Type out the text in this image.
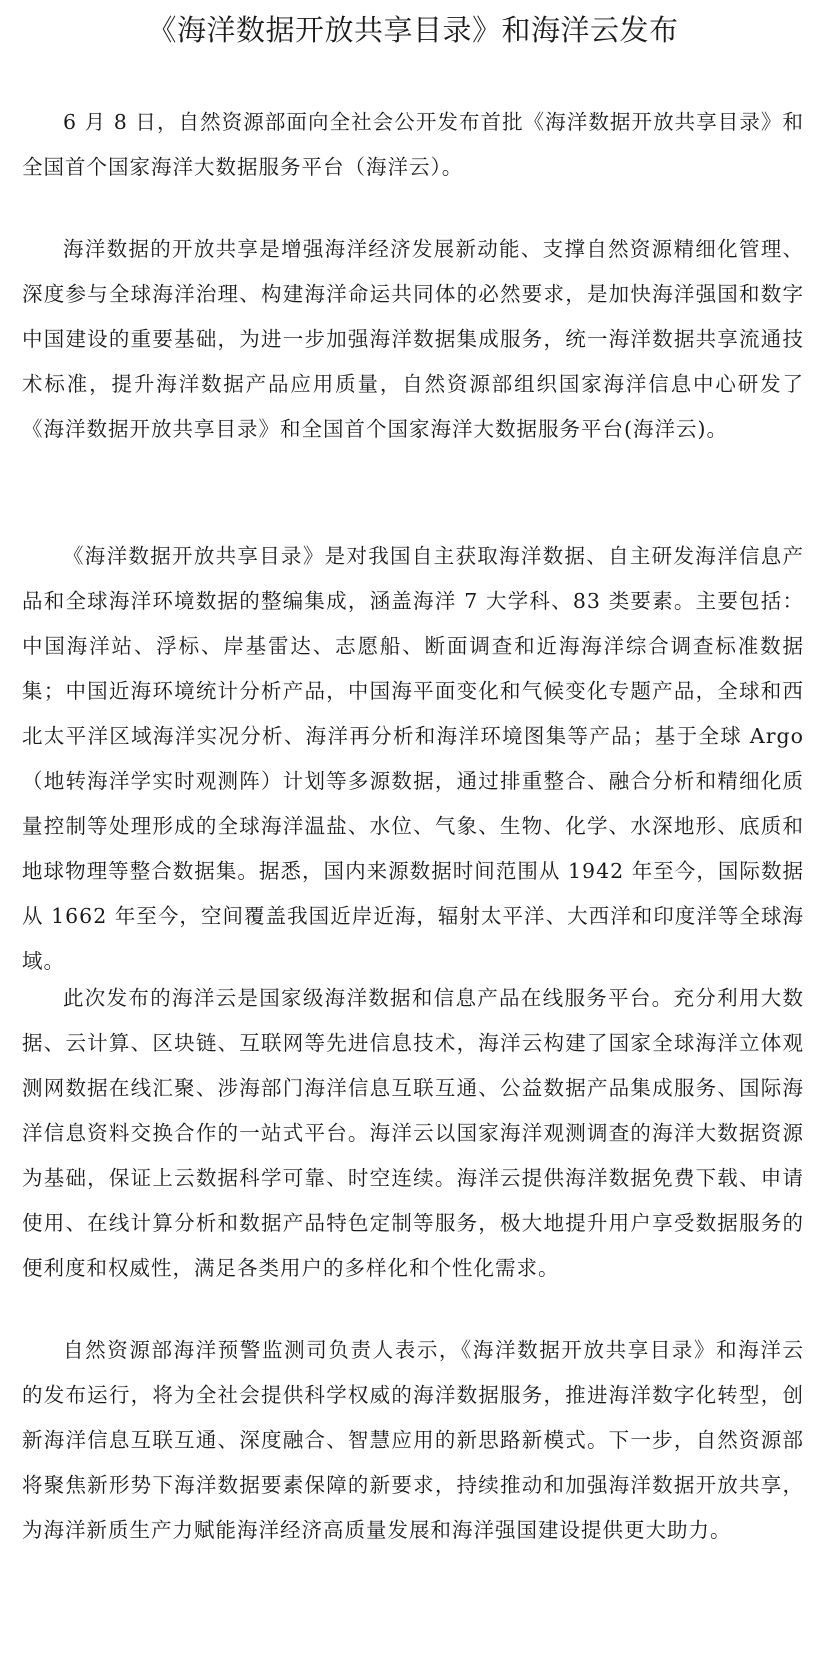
《海洋数据开放共享目录》和海洋云发布

6 月 8 日，自然资源部面向全社会公开发布首批《海洋数据开放共享目录》和全国首个国家海洋大数据服务平台（海洋云）。

海洋数据的开放共享是增强海洋经济发展新动能、支撑自然资源精细化管理、深度参与全球海洋治理、构建海洋命运共同体的必然要求，是加快海洋强国和数字中国建设的重要基础，为进一步加强海洋数据集成服务，统一海洋数据共享流通技术标准，提升海洋数据产品应用质量，自然资源部组织国家海洋信息中心研发了《海洋数据开放共享目录》和全国首个国家海洋大数据服务平台(海洋云)。

《海洋数据开放共享目录》是对我国自主获取海洋数据、自主研发海洋信息产品和全球海洋环境数据的整编集成，涵盖海洋 7 大学科、83 类要素。主要包括：中国海洋站、浮标、岸基雷达、志愿船、断面调查和近海海洋综合调查标准数据集；中国近海环境统计分析产品，中国海平面变化和气候变化专题产品，全球和西北太平洋区域海洋实况分析、海洋再分析和海洋环境图集等产品；基于全球 Argo（地转海洋学实时观测阵）计划等多源数据，通过排重整合、融合分析和精细化质量控制等处理形成的全球海洋温盐、水位、气象、生物、化学、水深地形、底质和地球物理等整合数据集。据悉，国内来源数据时间范围从 1942 年至今，国际数据从 1662 年至今，空间覆盖我国近岸近海，辐射太平洋、大西洋和印度洋等全球海域。

此次发布的海洋云是国家级海洋数据和信息产品在线服务平台。充分利用大数据、云计算、区块链、互联网等先进信息技术，海洋云构建了国家全球海洋立体观测网数据在线汇聚、涉海部门海洋信息互联互通、公益数据产品集成服务、国际海洋信息资料交换合作的一站式平台。海洋云以国家海洋观测调查的海洋大数据资源为基础，保证上云数据科学可靠、时空连续。海洋云提供海洋数据免费下载、申请使用、在线计算分析和数据产品特色定制等服务，极大地提升用户享受数据服务的便利度和权威性，满足各类用户的多样化和个性化需求。

自然资源部海洋预警监测司负责人表示，《海洋数据开放共享目录》和海洋云的发布运行，将为全社会提供科学权威的海洋数据服务，推进海洋数字化转型，创新海洋信息互联互通、深度融合、智慧应用的新思路新模式。下一步，自然资源部将聚焦新形势下海洋数据要素保障的新要求，持续推动和加强海洋数据开放共享，为海洋新质生产力赋能海洋经济高质量发展和海洋强国建设提供更大助力。
